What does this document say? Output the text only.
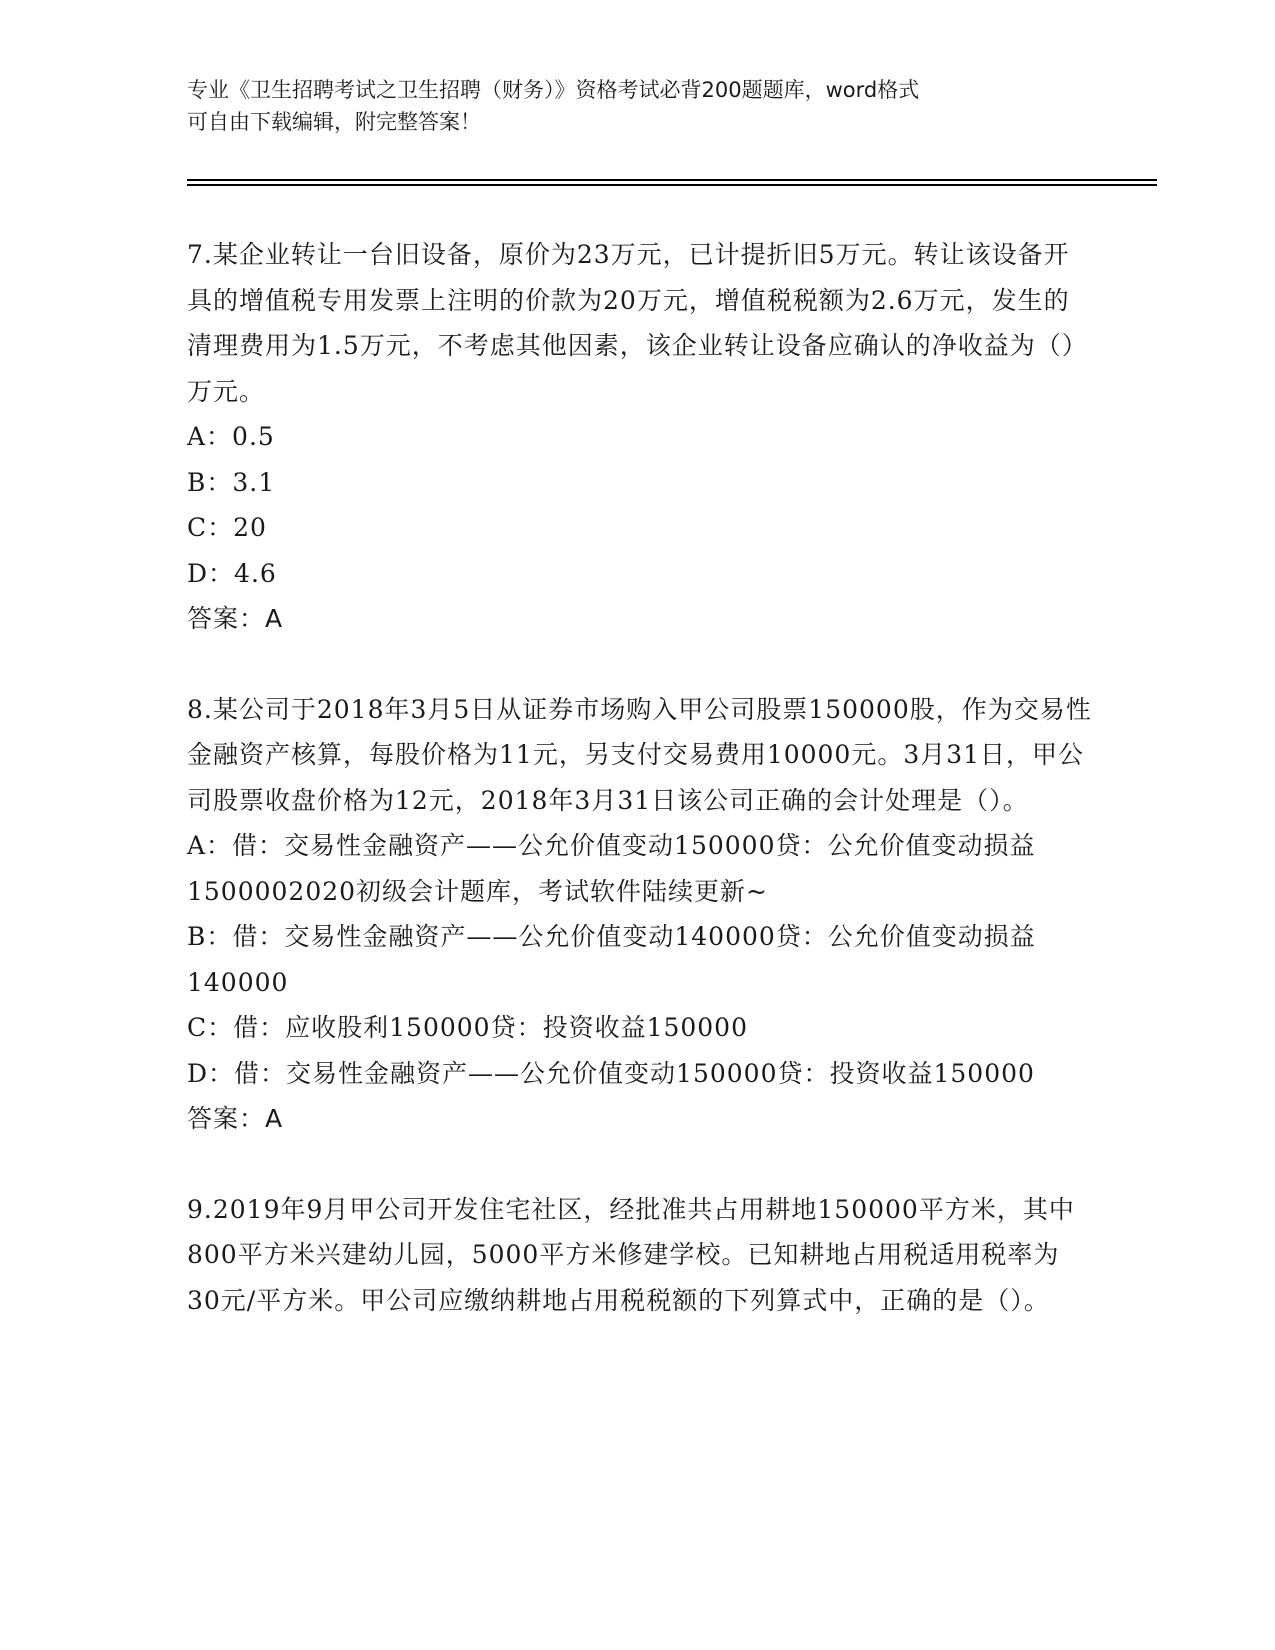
专业《卫生招聘考试之卫生招聘（财务）》资格考试必背200题题库，word格式
可自由下载编辑，附完整答案！
7.某企业转让一台旧设备，原价为23万元，已计提折旧5万元。转让该设备开具的增值税专用发票上注明的价款为20万元，增值税税额为2.6万元，发生的清理费用为1.5万元，不考虑其他因素，该企业转让设备应确认的净收益为（）万元。
A：0.5
B：3.1
C：20
D：4.6
答案：A
8.某公司于2018年3月5日从证券市场购入甲公司股票150000股，作为交易性金融资产核算，每股价格为11元，另支付交易费用10000元。3月31日，甲公司股票收盘价格为12元，2018年3月31日该公司正确的会计处理是（）。
A：借：交易性金融资产——公允价值变动150000贷：公允价值变动损益1500002020初级会计题库，考试软件陆续更新~
B：借：交易性金融资产——公允价值变动140000贷：公允价值变动损益140000
C：借：应收股利150000贷：投资收益150000
D：借：交易性金融资产——公允价值变动150000贷：投资收益150000
答案：A
9.2019年9月甲公司开发住宅社区，经批准共占用耕地150000平方米，其中800平方米兴建幼儿园，5000平方米修建学校。已知耕地占用税适用税率为30元/平方米。甲公司应缴纳耕地占用税税额的下列算式中，正确的是（）。
